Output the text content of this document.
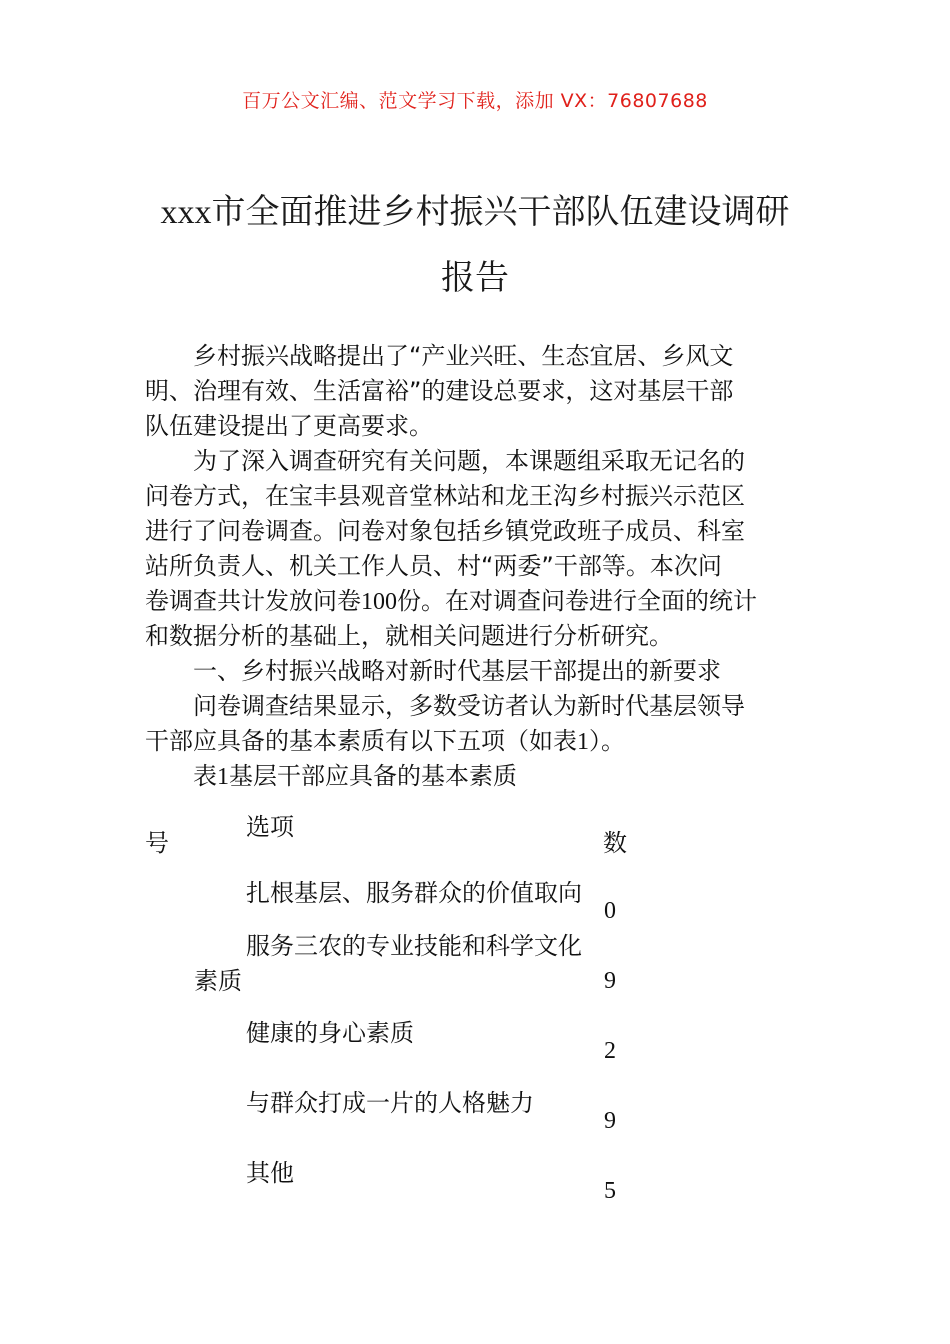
百万公文汇编、范文学习下载，添加 VX：76807688
xxx市全面推进乡村振兴干部队伍建设调研
报告
乡村振兴战略提出了“产业兴旺、生态宜居、乡风文
明、治理有效、生活富裕”的建设总要求，这对基层干部
队伍建设提出了更高要求。
为了深入调查研究有关问题，本课题组采取无记名的
问卷方式，在宝丰县观音堂林站和龙王沟乡村振兴示范区
进行了问卷调查。问卷对象包括乡镇党政班子成员、科室
站所负责人、机关工作人员、村“两委”干部等。本次问
卷调查共计发放问卷100份。在对调查问卷进行全面的统计
和数据分析的基础上，就相关问题进行分析研究。
一、乡村振兴战略对新时代基层干部提出的新要求
问卷调查结果显示，多数受访者认为新时代基层领导
干部应具备的基本素质有以下五项（如表1）。
表1基层干部应具备的基本素质
号
选项
数
扎根基层、服务群众的价值取向
0
服务三农的专业技能和科学文化
素质	9
健康的身心素质
2
与群众打成一片的人格魅力
9
其他
5
